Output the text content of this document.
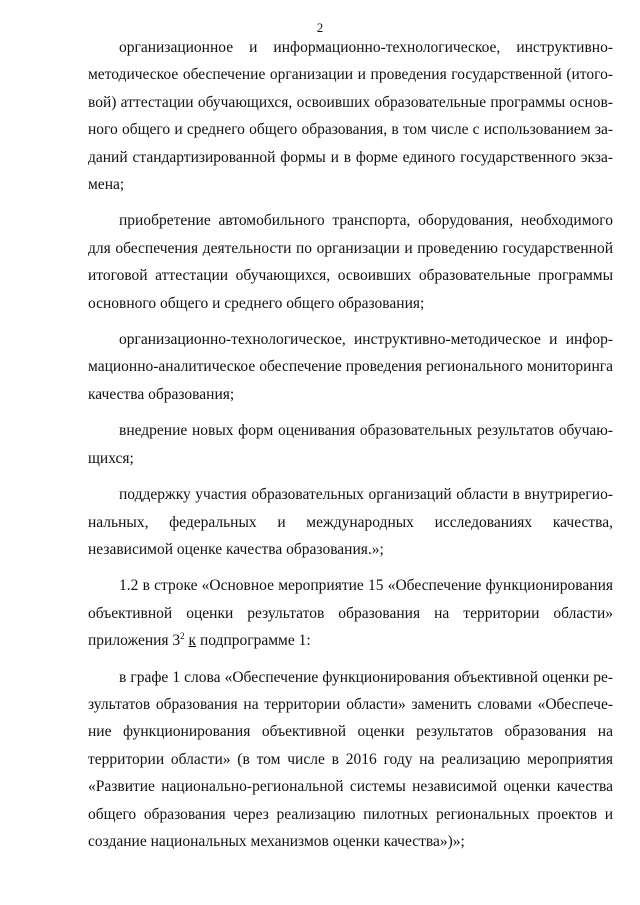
2

организационное и информационно-технологическое, инструктивно-методическое обеспечение организации и проведения государственной (итоговой) аттестации обучающихся, освоивших образовательные программы основного общего и среднего общего образования, в том числе с использованием заданий стандартизированной формы и в форме единого государственного экзамена;

приобретение автомобильного транспорта, оборудования, необходимого для обеспечения деятельности по организации и проведению государственной итоговой аттестации обучающихся, освоивших образовательные программы основного общего и среднего общего образования;

организационно-технологическое, инструктивно-методическое и информационно-аналитическое обеспечение проведения регионального мониторинга качества образования;

внедрение новых форм оценивания образовательных результатов обучающихся;

поддержку участия образовательных организаций области в внутрирегиональных, федеральных и международных исследованиях качества, независимой оценке качества образования.»;

1.2 в строке «Основное мероприятие 15 «Обеспечение функционирования объективной оценки результатов образования на территории области» приложения $3^2$ к подпрограмме 1:

в графе 1 слова «Обеспечение функционирования объективной оценки результатов образования на территории области» заменить словами «Обеспечение функционирования объективной оценки результатов образования на территории области» (в том числе в 2016 году на реализацию мероприятия «Развитие национально-региональной системы независимой оценки качества общего образования через реализацию пилотных региональных проектов и создание национальных механизмов оценки качества»)»;
